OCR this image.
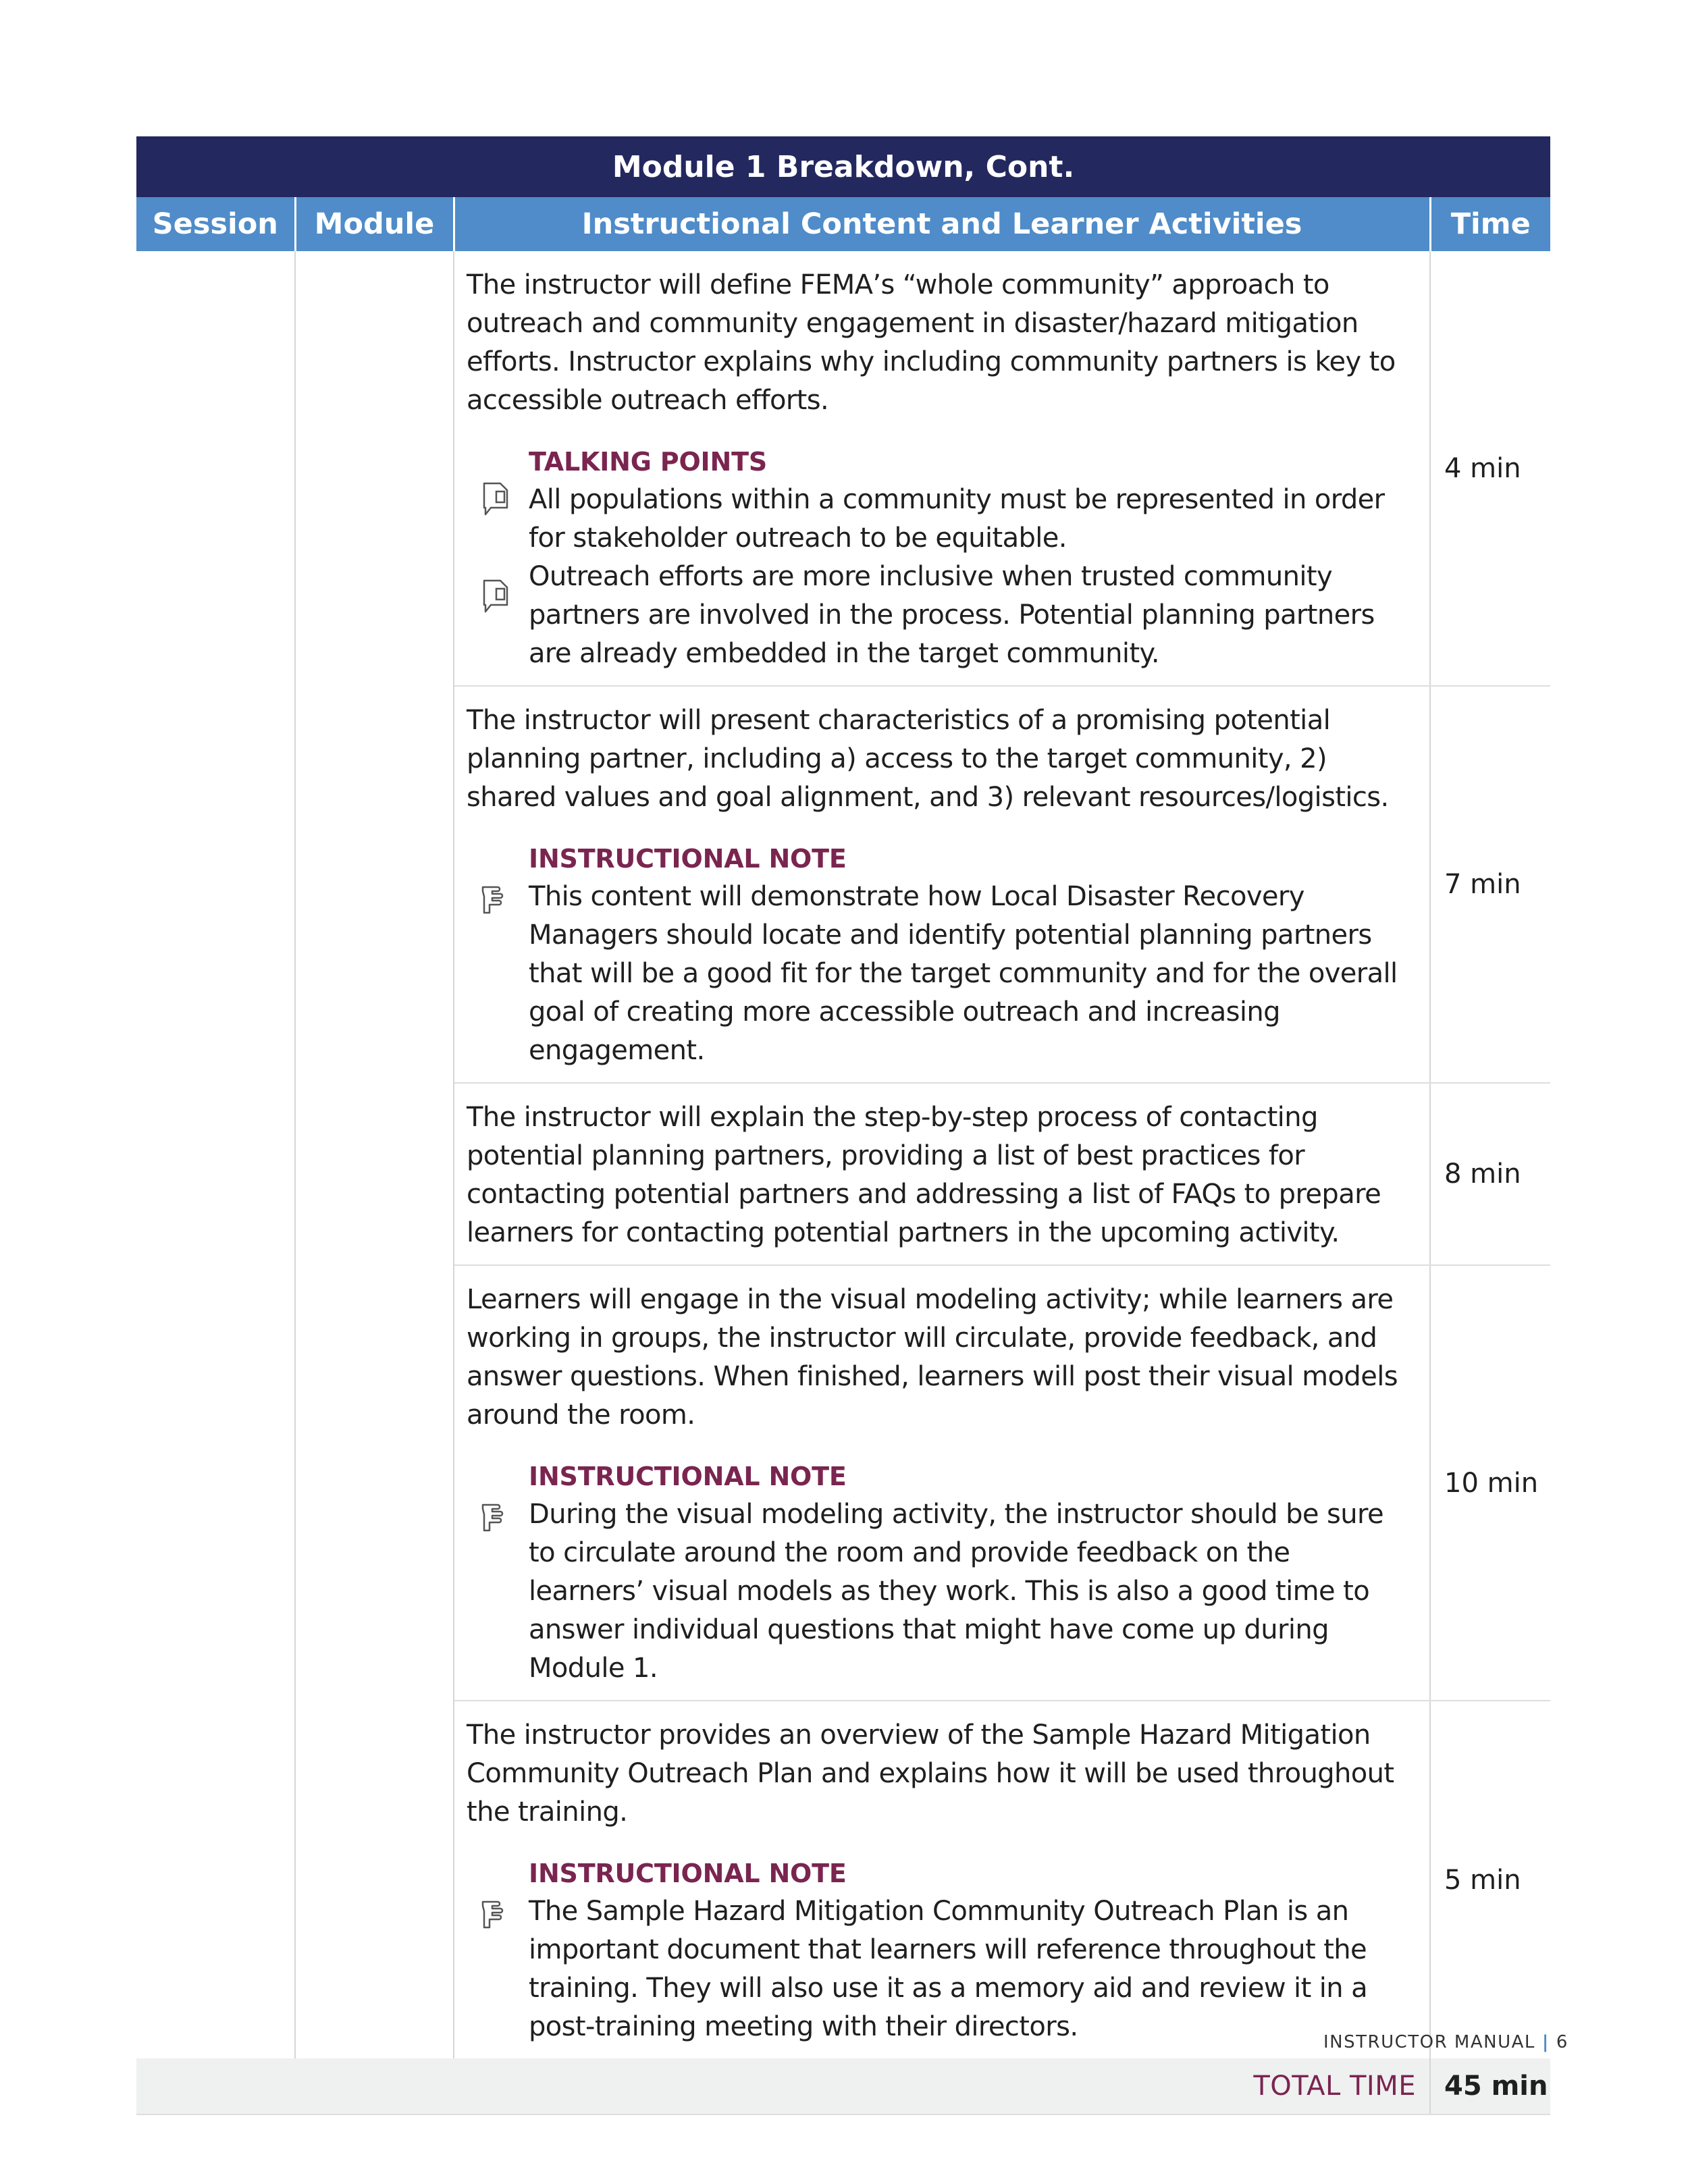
Module 1 Breakdown, Cont.			
Session	Module	Instructional Content and Learner Activities	Time

		The instructor will define FEMA’s “whole community” approach to outreach and community engagement in disaster/hazard mitigation efforts. Instructor explains why including community partners is key to accessible outreach efforts.

TALKING POINTS

All populations within a community must be represented in order for stakeholder outreach to be equitable.

Outreach efforts are more inclusive when trusted community partners are involved in the process. Potential planning partners are already embedded in the target community.	4 min

		The instructor will present characteristics of a promising potential planning partner, including a) access to the target community, 2) shared values and goal alignment, and 3) relevant resources/logistics.

INSTRUCTIONAL NOTE

This content will demonstrate how Local Disaster Recovery Managers should locate and identify potential planning partners that will be a good fit for the target community and for the overall goal of creating more accessible outreach and increasing engagement.	7 min

		The instructor will explain the step-by-step process of contacting potential planning partners, providing a list of best practices for contacting potential partners and addressing a list of FAQs to prepare learners for contacting potential partners in the upcoming activity.	8 min

		Learners will engage in the visual modeling activity; while learners are working in groups, the instructor will circulate, provide feedback, and answer questions. When finished, learners will post their visual models around the room.

INSTRUCTIONAL NOTE

During the visual modeling activity, the instructor should be sure to circulate around the room and provide feedback on the learners’ visual models as they work. This is also a good time to answer individual questions that might have come up during Module 1.	10 min

		The instructor provides an overview of the Sample Hazard Mitigation Community Outreach Plan and explains how it will be used throughout the training.

INSTRUCTIONAL NOTE

The Sample Hazard Mitigation Community Outreach Plan is an important document that learners will reference throughout the training. They will also use it as a memory aid and review it in a post-training meeting with their directors.	5 min
TOTAL TIME			45 min
INSTRUCTOR MANUAL | 6
